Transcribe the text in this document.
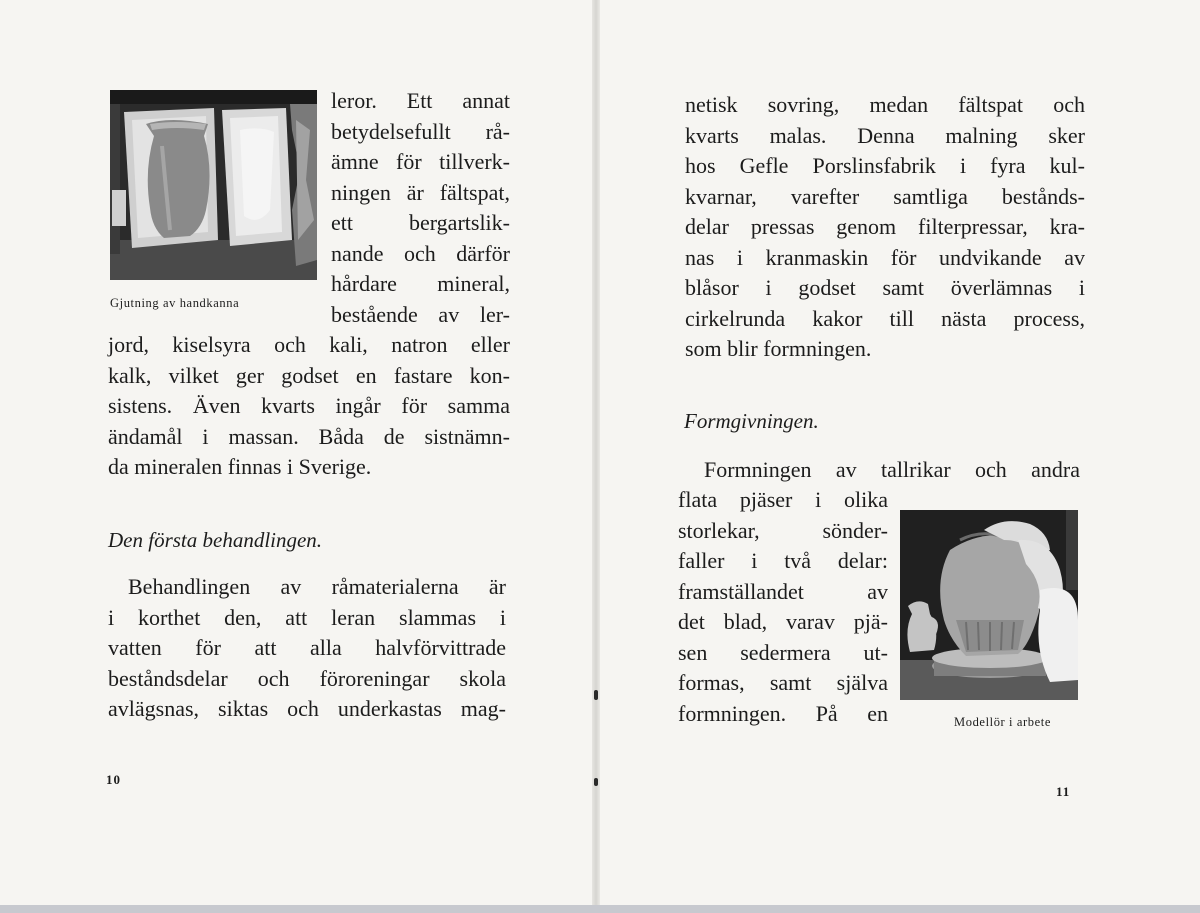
Gjutning av handkanna
leror. Ett annat
betydelsefullt rå-
ämne för tillverk-
ningen är fältspat,
ett bergartslik-
nande och därför
hårdare mineral,
bestående av ler-
jord, kiselsyra och kali, natron eller
kalk, vilket ger godset en fastare kon-
sistens. Även kvarts ingår för samma
ändamål i massan. Båda de sistnämn-
da mineralen finnas i Sverige.
Den första behandlingen.
Behandlingen av råmaterialerna är
i korthet den, att leran slammas i
vatten för att alla halvförvittrade
beståndsdelar och föroreningar skola
avlägsnas, siktas och underkastas mag-
10
netisk sovring, medan fältspat och
kvarts malas. Denna malning sker
hos Gefle Porslinsfabrik i fyra kul-
kvarnar, varefter samtliga bestånds-
delar pressas genom filterpressar, kra-
nas i kranmaskin för undvikande av
blåsor i godset samt överlämnas i
cirkelrunda kakor till nästa process,
som blir formningen.
Formgivningen.
Formningen av tallrikar och andra
flata pjäser i olika
storlekar, sönder-
faller i två delar:
framställandet av
det blad, varav pjä-
sen sedermera ut-
formas, samt själva
formningen. På en	Modellör i arbete
11
